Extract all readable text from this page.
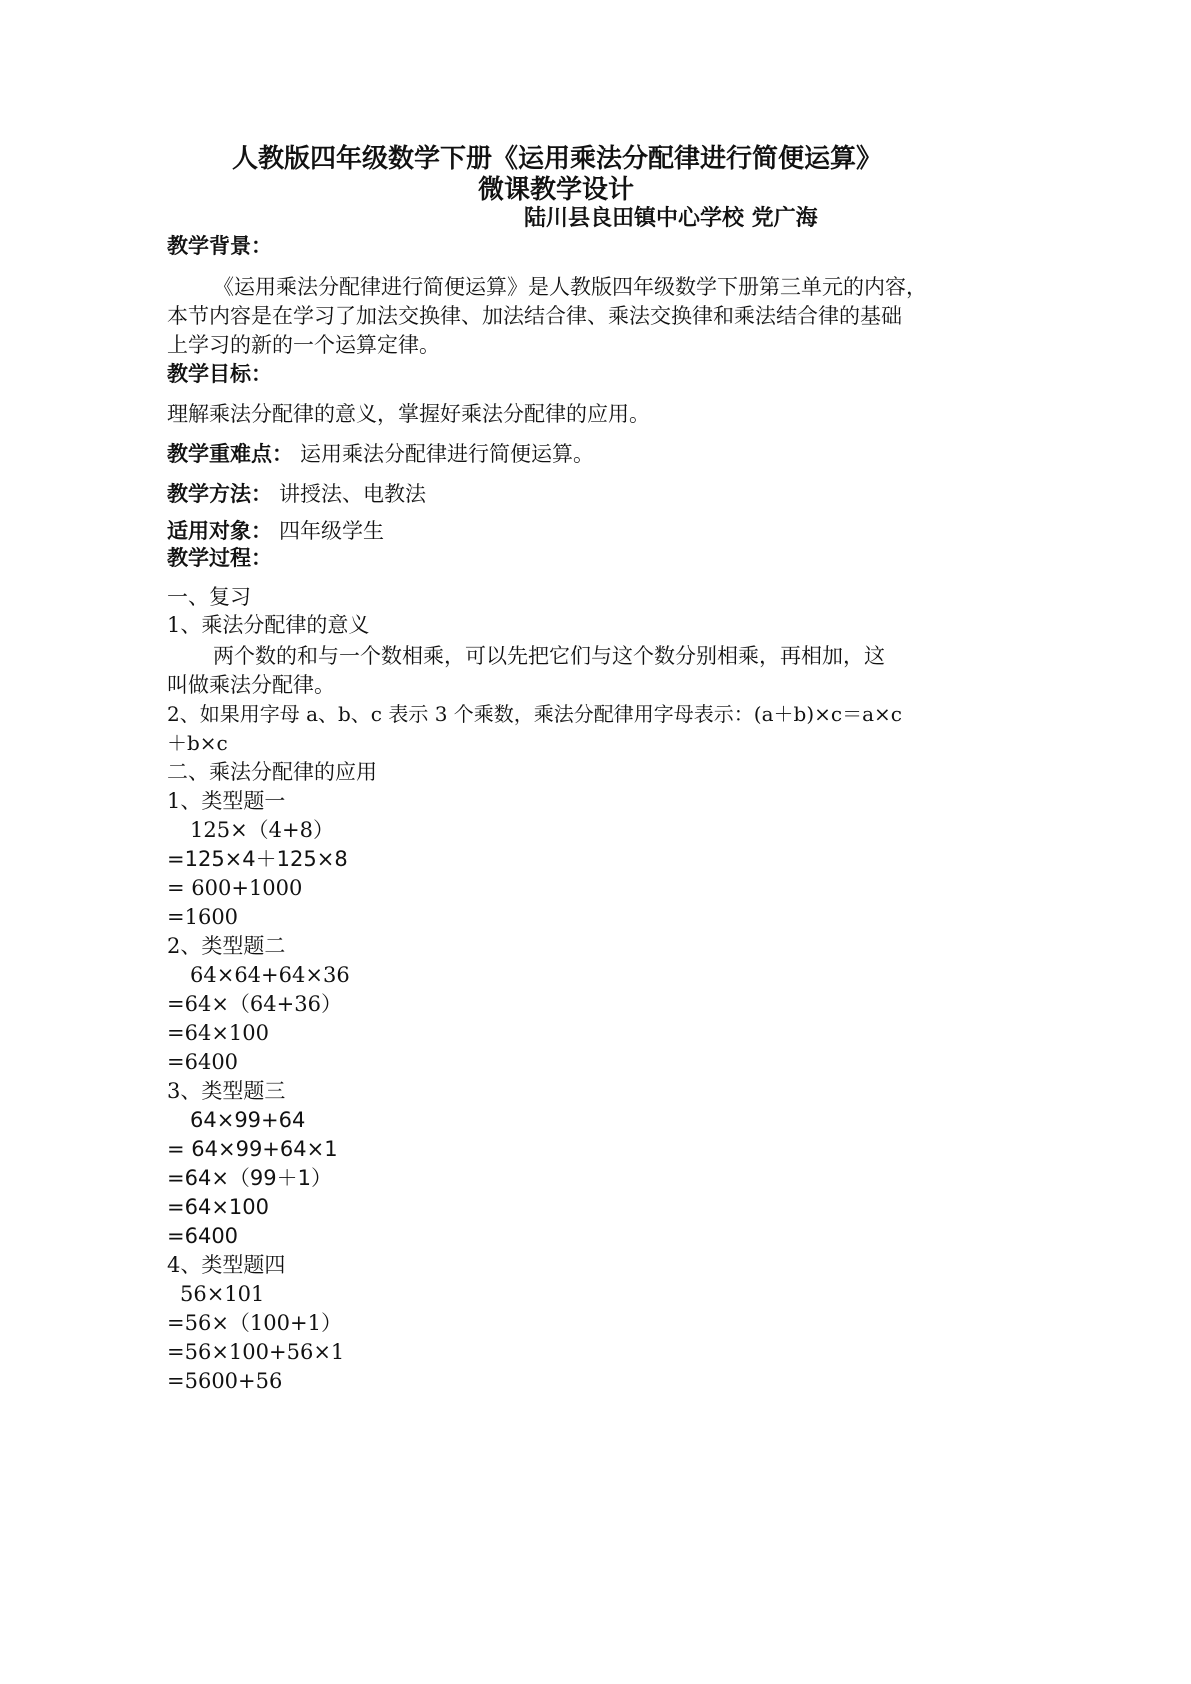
人教版四年级数学下册《运用乘法分配律进行简便运算》
微课教学设计
陆川县良田镇中心学校 党广海
教学背景：
《运用乘法分配律进行简便运算》是人教版四年级数学下册第三单元的内容，
本节内容是在学习了加法交换律、加法结合律、乘法交换律和乘法结合律的基础
上学习的新的一个运算定律。
教学目标：
理解乘法分配律的意义，掌握好乘法分配律的应用。
教学重难点： 运用乘法分配律进行简便运算。
教学方法： 讲授法、电教法
适用对象： 四年级学生
教学过程：
一、复习
1、乘法分配律的意义
两个数的和与一个数相乘，可以先把它们与这个数分别相乘，再相加，这
叫做乘法分配律。
2、如果用字母 a、b、c 表示 3 个乘数，乘法分配律用字母表示：(a＋b)×c＝a×c
＋b×c
二、乘法分配律的应用
1、类型题一
125×（4+8）
=125×4＋125×8
= 600+1000
=1600
2、类型题二
64×64+64×36
=64×（64+36）
=64×100
=6400
3、类型题三
64×99+64
= 64×99+64×1
=64×（99＋1）
=64×100
=6400
4、类型题四
56×101
=56×（100+1）
=56×100+56×1
=5600+56
